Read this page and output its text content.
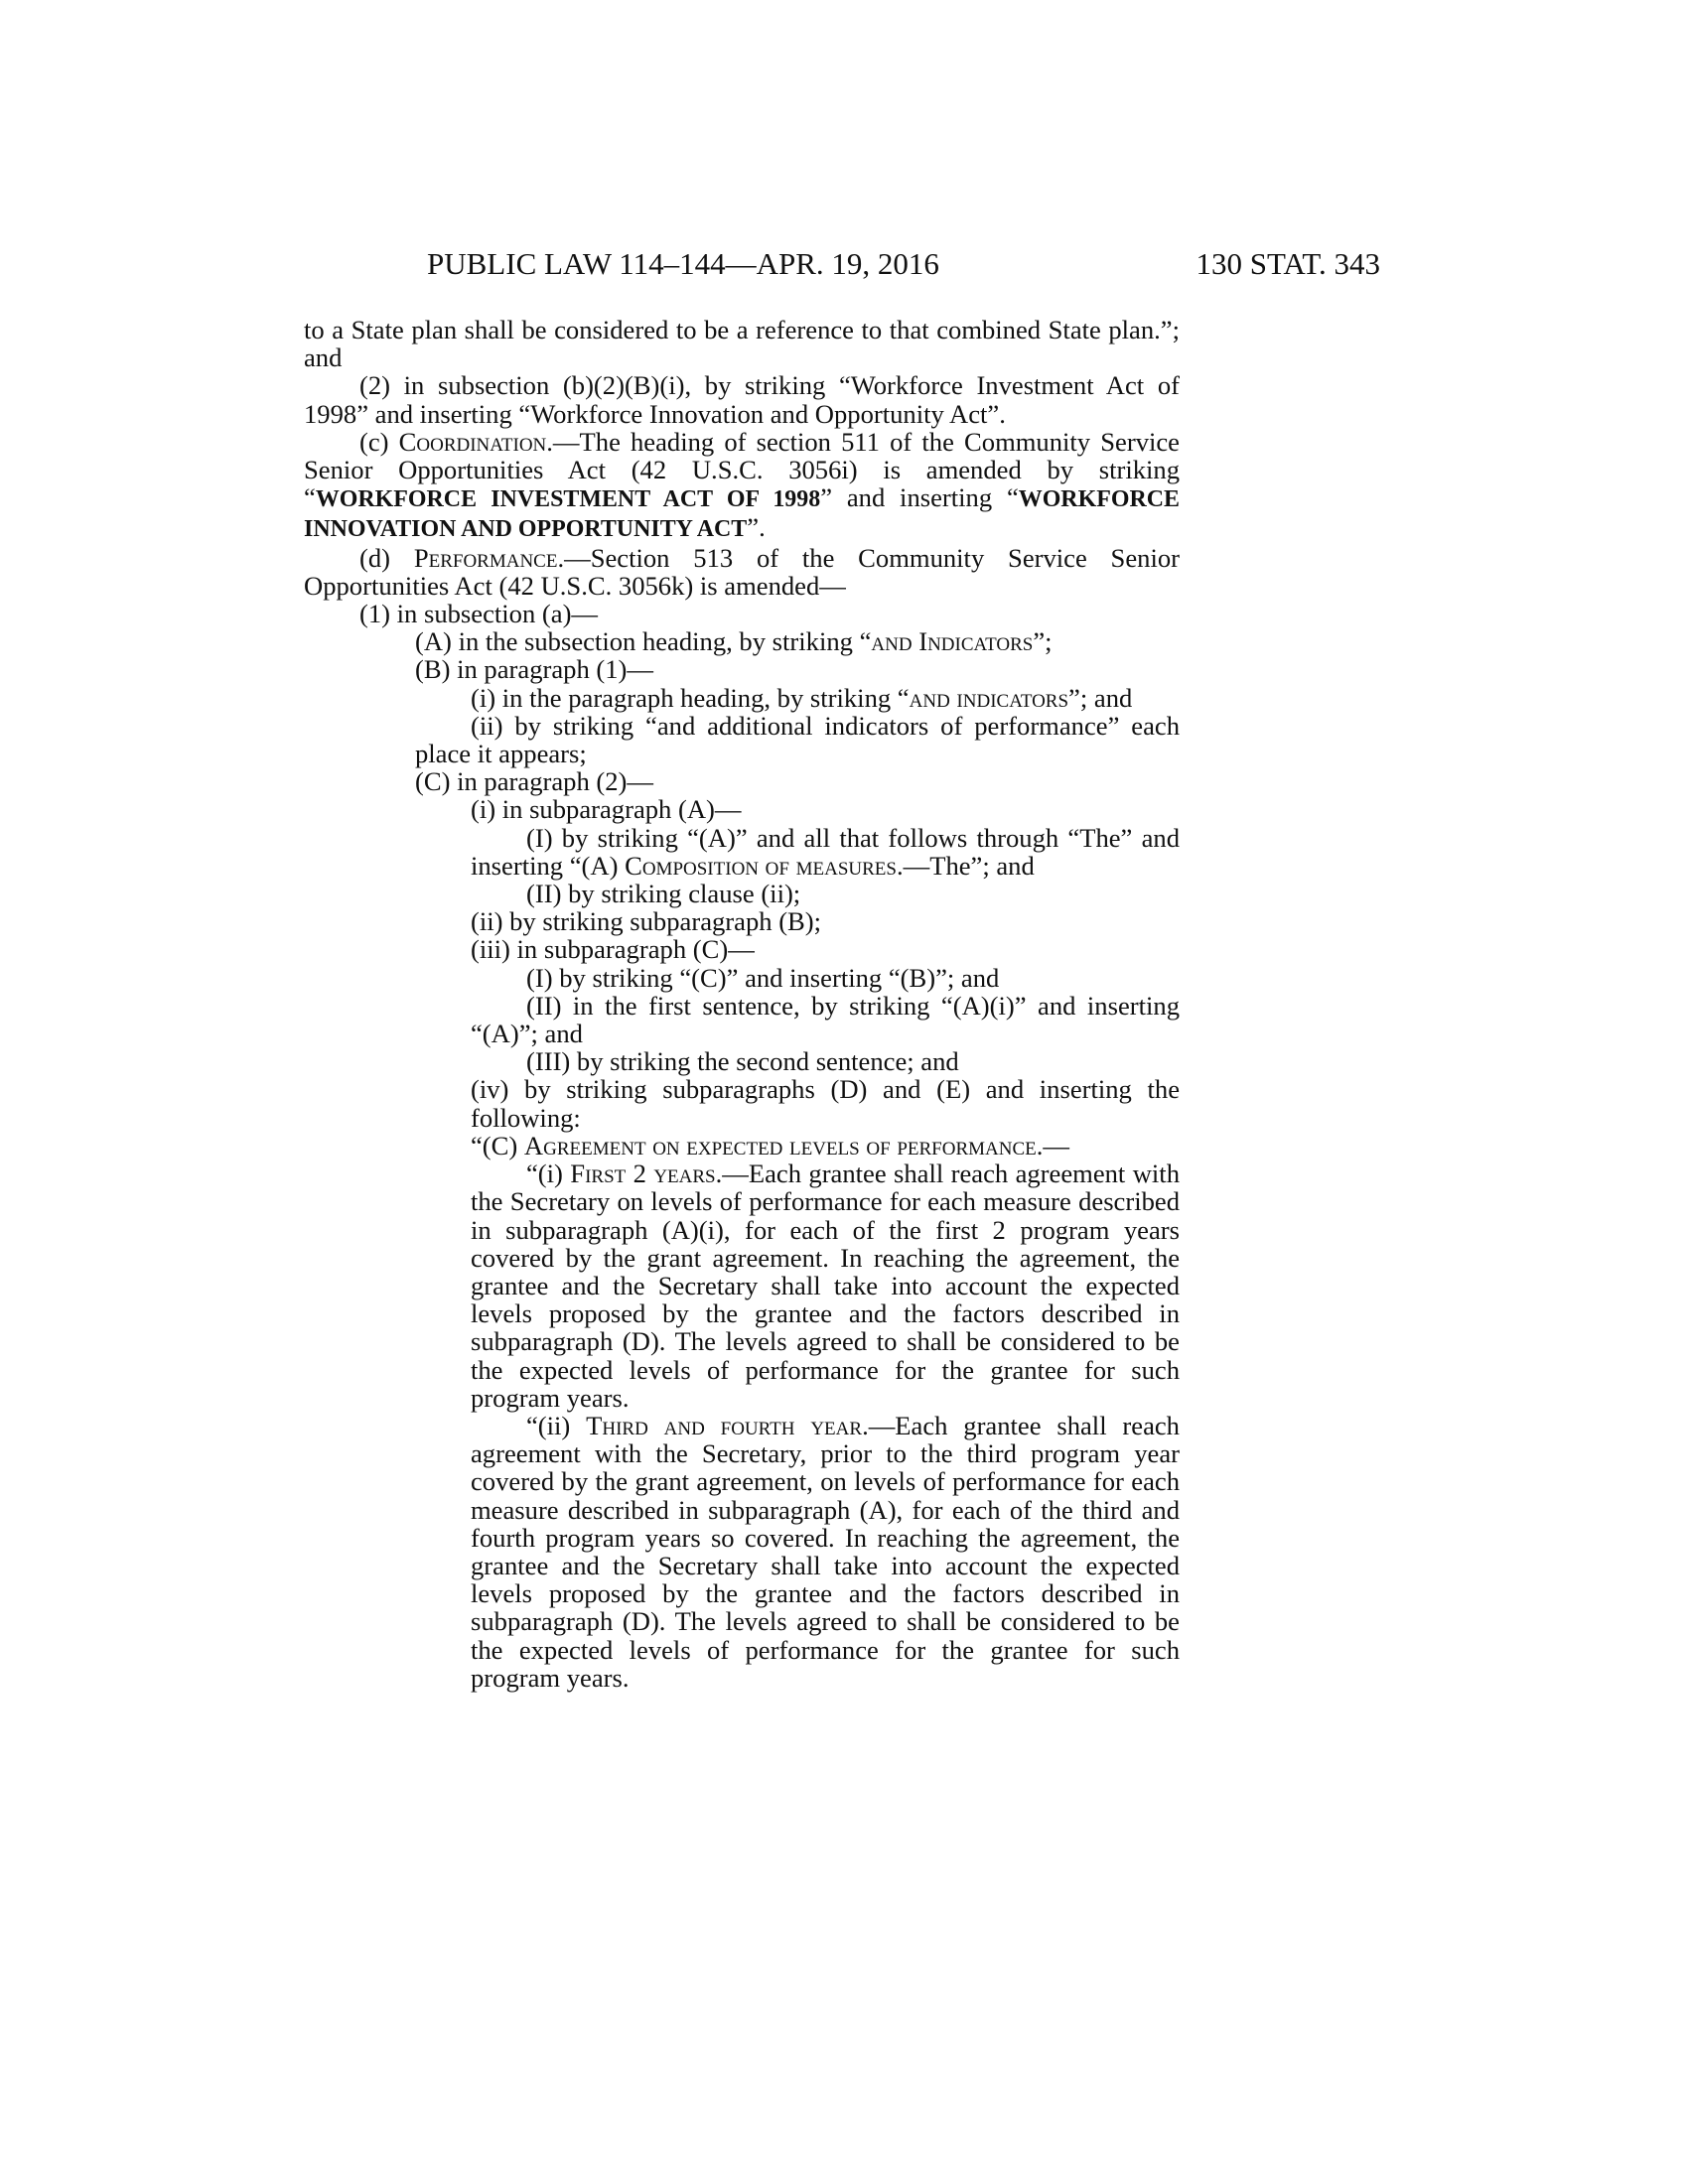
PUBLIC LAW 114–144—APR. 19, 2016	130 STAT. 343

to a State plan shall be considered to be a reference to that combined State plan.”; and

(2) in subsection (b)(2)(B)(i), by striking “Workforce Investment Act of 1998” and inserting “Workforce Innovation and Opportunity Act”.

(c) Coordination.—The heading of section 511 of the Community Service Senior Opportunities Act (42 U.S.C. 3056i) is amended by striking “WORKFORCE INVESTMENT ACT OF 1998” and inserting “WORKFORCE INNOVATION AND OPPORTUNITY ACT”.

(d) Performance.—Section 513 of the Community Service Senior Opportunities Act (42 U.S.C. 3056k) is amended—

(1) in subsection (a)—

(A) in the subsection heading, by striking “and Indicators”;

(B) in paragraph (1)—

(i) in the paragraph heading, by striking “and indicators”; and

(ii) by striking “and additional indicators of performance” each place it appears;

(C) in paragraph (2)—

(i) in subparagraph (A)—

(I) by striking “(A)” and all that follows through “The” and inserting “(A) Composition of measures.—The”; and

(II) by striking clause (ii);

(ii) by striking subparagraph (B);

(iii) in subparagraph (C)—

(I) by striking “(C)” and inserting “(B)”; and

(II) in the first sentence, by striking “(A)(i)” and inserting “(A)”; and

(III) by striking the second sentence; and

(iv) by striking subparagraphs (D) and (E) and inserting the following:

“(C) Agreement on expected levels of performance.—

“(i) First 2 years.—Each grantee shall reach agreement with the Secretary on levels of performance for each measure described in subparagraph (A)(i), for each of the first 2 program years covered by the grant agreement. In reaching the agreement, the grantee and the Secretary shall take into account the expected levels proposed by the grantee and the factors described in subparagraph (D). The levels agreed to shall be considered to be the expected levels of performance for the grantee for such program years.

“(ii) Third and fourth year.—Each grantee shall reach agreement with the Secretary, prior to the third program year covered by the grant agreement, on levels of performance for each measure described in subparagraph (A), for each of the third and fourth program years so covered. In reaching the agreement, the grantee and the Secretary shall take into account the expected levels proposed by the grantee and the factors described in subparagraph (D). The levels agreed to shall be considered to be the expected levels of performance for the grantee for such program years.
